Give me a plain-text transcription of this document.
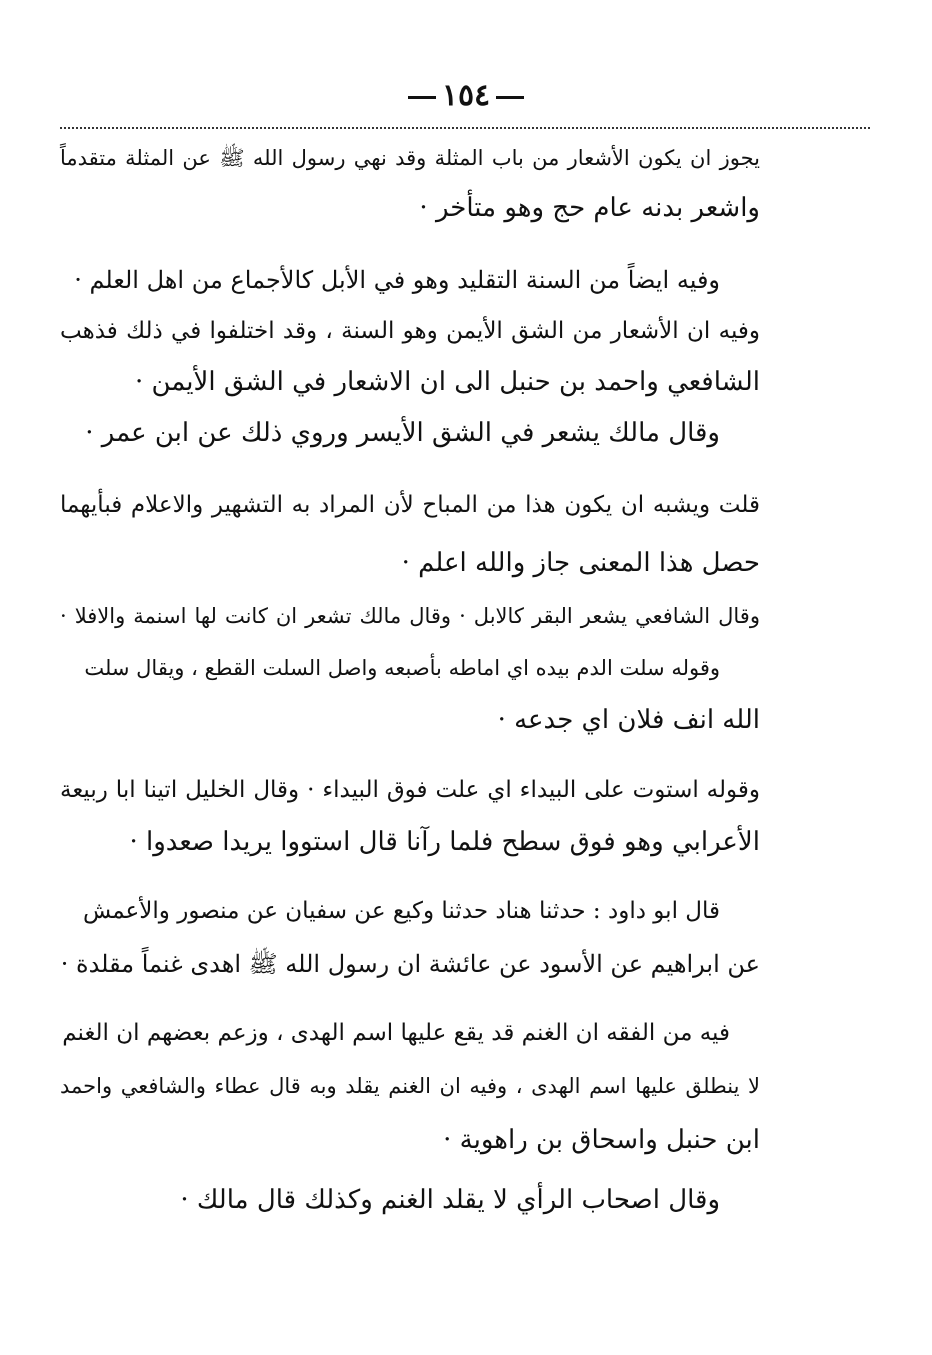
١٥٤
يجوز ان يكون الأشعار من باب المثلة وقد نهي رسول الله ﷺ عن المثلة متقدماً
واشعر بدنه عام حج وهو متأخر ·
وفيه ايضاً من السنة التقليد وهو في الأبل كالأجماع من اهل العلم ·
وفيه ان الأشعار من الشق الأيمن وهو السنة ، وقد اختلفوا في ذلك فذهب
الشافعي واحمد بن حنبل الى ان الاشعار في الشق الأيمن ·
وقال مالك يشعر في الشق الأيسر وروي ذلك عن ابن عمر ·
قلت ويشبه ان يكون هذا من المباح لأن المراد به التشهير والاعلام فبأيهما
حصل هذا المعنى جاز والله اعلم ·
وقال الشافعي يشعر البقر كالابل · وقال مالك تشعر ان كانت لها اسنمة والافلا ·
وقوله سلت الدم بيده اي اماطه بأصبعه واصل السلت القطع ، ويقال سلت
الله انف فلان اي جدعه ·
وقوله استوت على البيداء اي علت فوق البيداء · وقال الخليل اتينا ابا ربيعة
الأعرابي وهو فوق سطح فلما رآنا قال استووا يريدا صعدوا ·
قال ابو داود : حدثنا هناد حدثنا وكيع عن سفيان عن منصور والأعمش
عن ابراهيم عن الأسود عن عائشة ان رسول الله ﷺ اهدى غنماً مقلدة ·
فيه من الفقه ان الغنم قد يقع عليها اسم الهدى ، وزعم بعضهم ان الغنم
لا ينطلق عليها اسم الهدى ، وفيه ان الغنم يقلد وبه قال عطاء والشافعي واحمد
ابن حنبل واسحاق بن راهوية ·
وقال اصحاب الرأي لا يقلد الغنم وكذلك قال مالك ·
